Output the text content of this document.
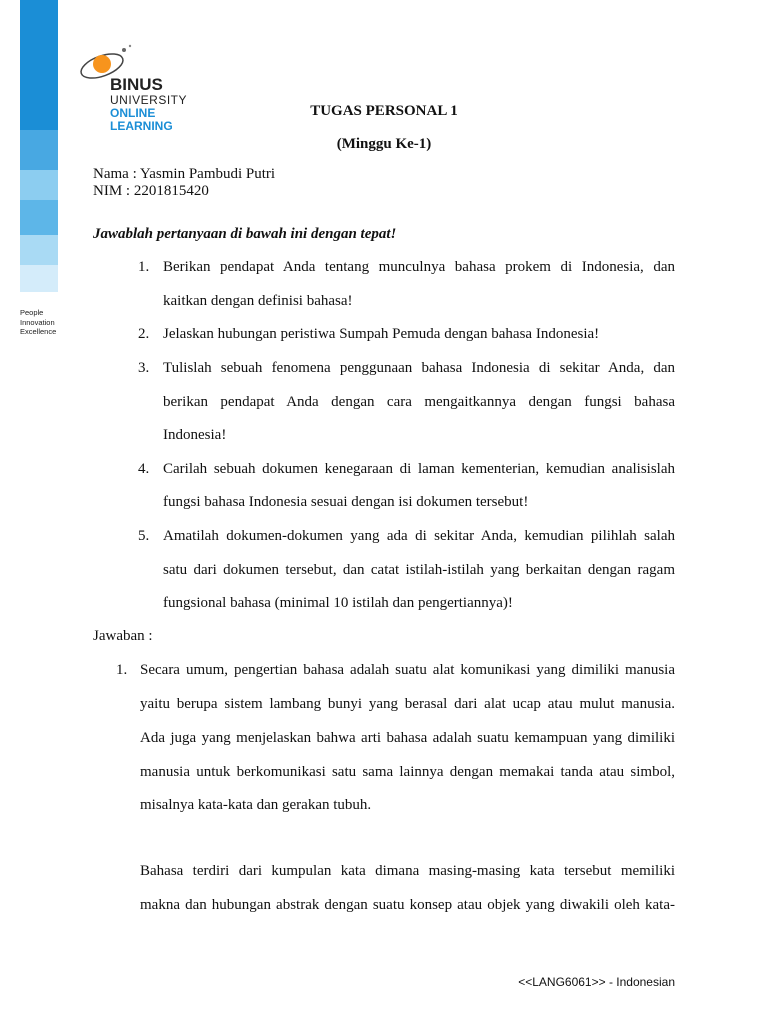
People
Innovation
Excellence
BINUS
UNIVERSITY
ONLINE
LEARNING
TUGAS PERSONAL 1
(Minggu Ke-1)
Nama : Yasmin Pambudi Putri
NIM : 2201815420
Jawablah pertanyaan di bawah ini dengan tepat!
1. Berikan pendapat Anda tentang munculnya bahasa prokem di Indonesia, dan
kaitkan dengan definisi bahasa!
2. Jelaskan hubungan peristiwa Sumpah Pemuda dengan bahasa Indonesia!
3. Tulislah sebuah fenomena penggunaan bahasa Indonesia di sekitar Anda, dan
berikan pendapat Anda dengan cara mengaitkannya dengan fungsi bahasa
Indonesia!
4. Carilah sebuah dokumen kenegaraan di laman kementerian, kemudian analisislah
fungsi bahasa Indonesia sesuai dengan isi dokumen tersebut!
5. Amatilah dokumen-dokumen yang ada di sekitar Anda, kemudian pilihlah salah
satu dari dokumen tersebut, dan catat istilah-istilah yang berkaitan dengan ragam
fungsional bahasa (minimal 10 istilah dan pengertiannya)!
Jawaban :
1. Secara umum, pengertian bahasa adalah suatu alat komunikasi yang dimiliki manusia
yaitu berupa sistem lambang bunyi yang berasal dari alat ucap atau mulut manusia.
Ada juga yang menjelaskan bahwa arti bahasa adalah suatu kemampuan yang dimiliki
manusia untuk berkomunikasi satu sama lainnya dengan memakai tanda atau simbol,
misalnya kata-kata dan gerakan tubuh.
Bahasa terdiri dari kumpulan kata dimana masing-masing kata tersebut memiliki
makna dan hubungan abstrak dengan suatu konsep atau objek yang diwakili oleh kata-
<<LANG6061>> - Indonesian
